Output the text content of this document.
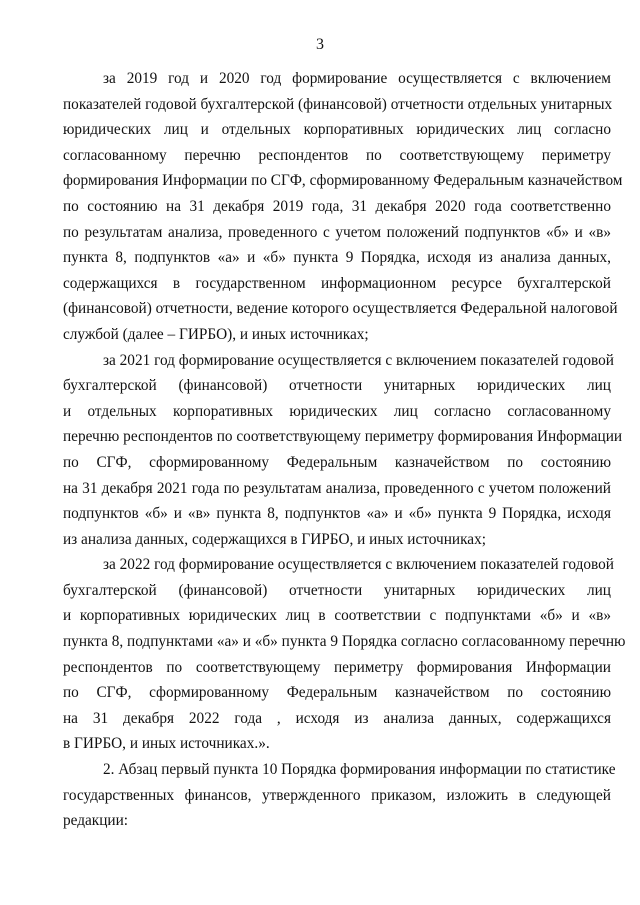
3
за 2019 год и 2020 год формирование осуществляется с включением
показателей годовой бухгалтерской (финансовой) отчетности отдельных унитарных
юридических лиц и отдельных корпоративных юридических лиц согласно
согласованному перечню респондентов по соответствующему периметру
формирования Информации по СГФ, сформированному Федеральным казначейством
по состоянию на 31 декабря 2019 года, 31 декабря 2020 года соответственно
по результатам анализа, проведенного с учетом положений подпунктов «б» и «в»
пункта 8, подпунктов «а» и «б» пункта 9 Порядка, исходя из анализа данных,
содержащихся в государственном информационном ресурсе бухгалтерской
(финансовой) отчетности, ведение которого осуществляется Федеральной налоговой
службой (далее – ГИРБО), и иных источниках;
за 2021 год формирование осуществляется с включением показателей годовой
бухгалтерской (финансовой) отчетности унитарных юридических лиц
и отдельных корпоративных юридических лиц согласно согласованному
перечню респондентов по соответствующему периметру формирования Информации
по СГФ, сформированному Федеральным казначейством по состоянию
на 31 декабря 2021 года по результатам анализа, проведенного с учетом положений
подпунктов «б» и «в» пункта 8, подпунктов «а» и «б» пункта 9 Порядка, исходя
из анализа данных, содержащихся в ГИРБО, и иных источниках;
за 2022 год формирование осуществляется с включением показателей годовой
бухгалтерской (финансовой) отчетности унитарных юридических лиц
и корпоративных юридических лиц в соответствии с подпунктами «б» и «в»
пункта 8, подпунктами «а» и «б» пункта 9 Порядка согласно согласованному перечню
респондентов по соответствующему периметру формирования Информации
по СГФ, сформированному Федеральным казначейством по состоянию
на 31 декабря 2022 года , исходя из анализа данных, содержащихся
в ГИРБО, и иных источниках.».
2. Абзац первый пункта 10 Порядка формирования информации по статистике
государственных финансов, утвержденного приказом, изложить в следующей
редакции:
